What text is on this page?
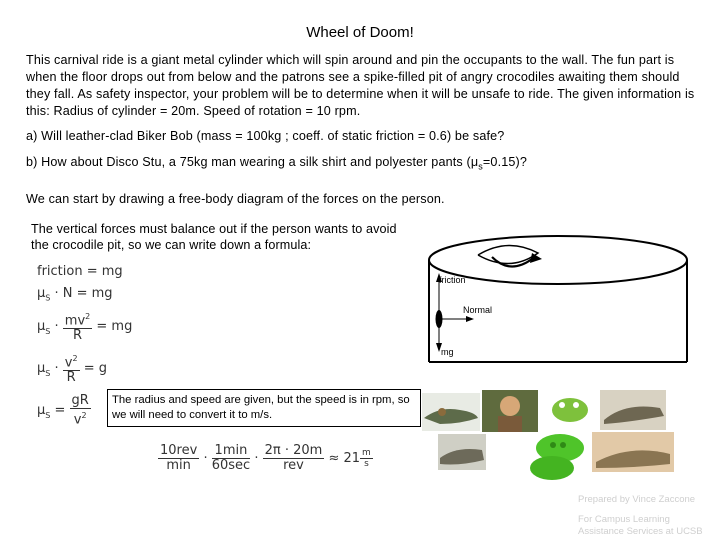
Wheel of Doom!
This carnival ride is a giant metal cylinder which will spin around and pin the occupants to the wall. The fun part is when the floor drops out from below and the patrons see a spike-filled pit of angry crocodiles awaiting them should they fall. As safety inspector, your problem will be to determine when it will be unsafe to ride. The given information is this: Radius of cylinder = 20m. Speed of rotation = 10 rpm.
a) Will leather-clad Biker Bob (mass = 100kg ; coeff. of static friction = 0.6) be safe?
b) How about Disco Stu, a 75kg man wearing a silk shirt and polyester pants $(\mu_s=0.15)$?
We can start by drawing a free-body diagram of the forces on the person.
The vertical forces must balance out if the person wants to avoid the crocodile pit, so we can write down a formula:
friction = mg
$\mu_S \cdot N$ = mg
$\mu_S \cdot \frac{mv^2}{R}$ = mg
$\mu_S \cdot \frac{v^2}{R} = g$
$\mu_S = \frac{gR}{v^2}$	The radius and speed are given, but the speed is in rpm, so we will need to convert it to m/s.
$\frac{\text{10rev}}{\min} \cdot \frac{1\min}{60\sec} \cdot \frac{2\pi \cdot 20m}{\text{rev}} \approx 21 \frac{m}{s}$
friction
Normal
mg
Prepared by Vince Zaccone
For Campus Learning
Assistance Services at UCSB
